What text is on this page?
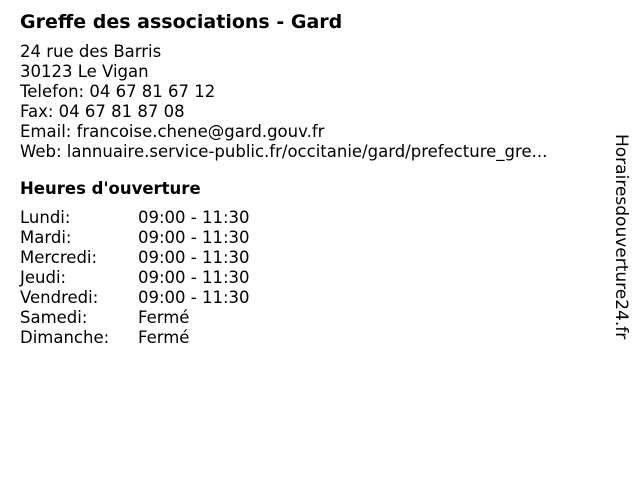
Greffe des associations - Gard
24 rue des Barris
30123 Le Vigan
Telefon: 04 67 81 67 12
Fax: 04 67 81 87 08
Email: francoise.chene@gard.gouv.fr
Web: lannuaire.service-public.fr/occitanie/gard/prefecture_gre...
Heures d'ouverture
Lundi:	09:00 - 11:30
Mardi:	09:00 - 11:30
Mercredi:	09:00 - 11:30
Jeudi:	09:00 - 11:30
Vendredi:	09:00 - 11:30
Samedi:	Fermé
Dimanche:	Fermé	Horairesdouverture24.fr
